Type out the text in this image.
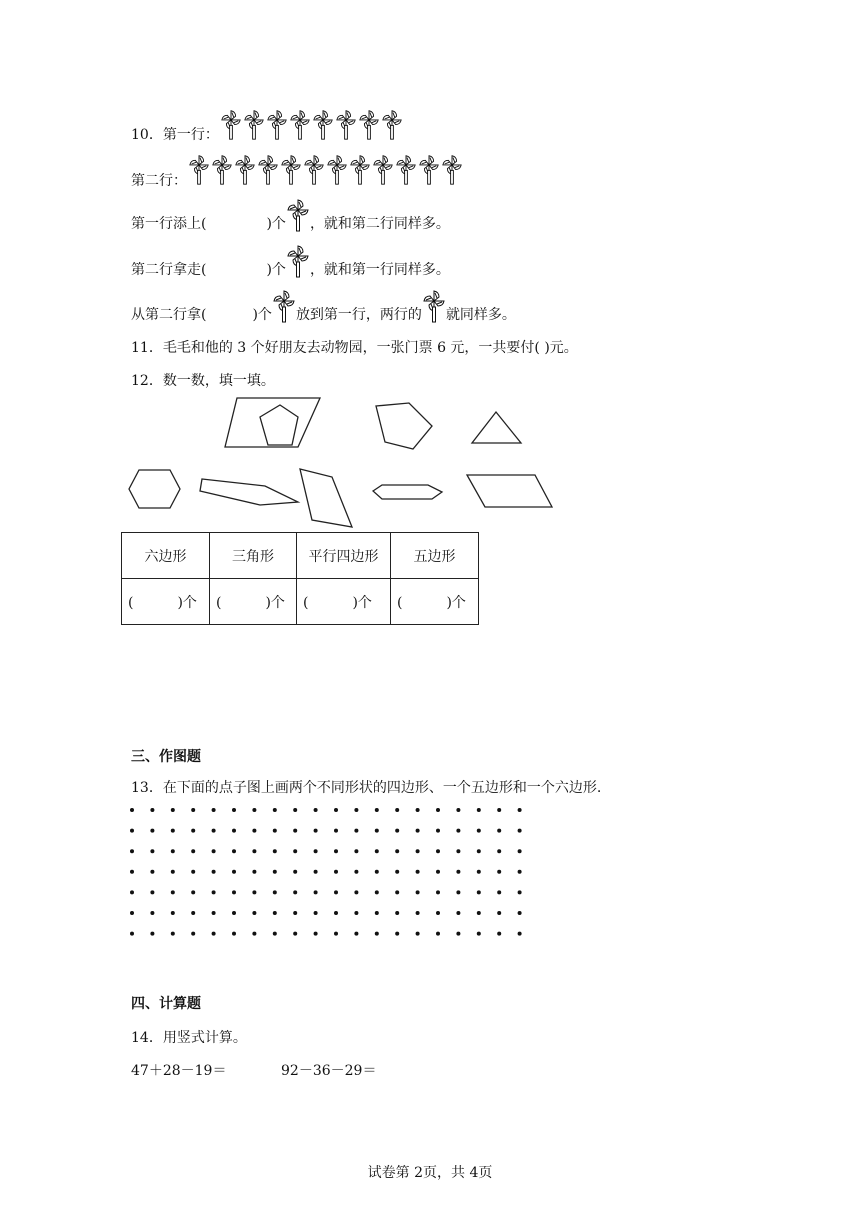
10．第一行：
第二行：
第一行添上(	)个 ，就和第二行同样多。
第二行拿走(	)个 ，就和第一行同样多。
从第二行拿(	)个 放到第一行，两行的 就同样多。
11．毛毛和他的 3 个好朋友去动物园，一张门票 6 元，一共要付( )元。
12．数一数，填一填。
六边形	三角形	平行四边形	五边形
( )个	( )个	( )个	( )个
三、作图题
13．在下面的点子图上画两个不同形状的四边形、一个五边形和一个六边形.
四、计算题
14．用竖式计算。
47＋28－19＝	92－36－29＝
试卷第 2页，共 4页
